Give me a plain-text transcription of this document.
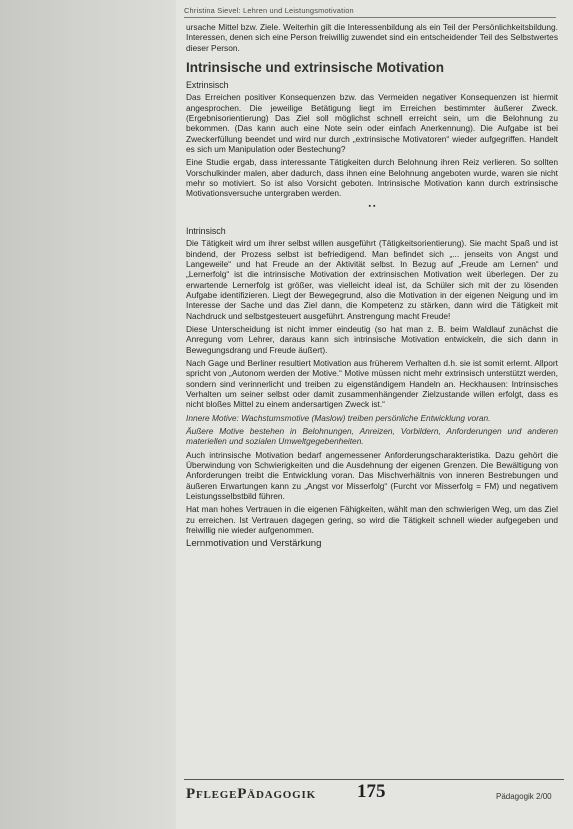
Christina Sievel: Lehren und Leistungsmotivation

ursache Mittel bzw. Ziele. Weiterhin gilt die Interessenbildung als ein Teil der Persönlichkeitsbildung. Interessen, denen sich eine Person freiwillig zuwendet sind ein entscheidender Teil des Selbstwertes dieser Person.

Intrinsische und extrinsische Motivation
Extrinsisch

Das Erreichen positiver Konsequenzen bzw. das Vermeiden negativer Konsequenzen ist hiermit angesprochen. Die jeweilige Betätigung liegt im Erreichen bestimmter äußerer Zweck. (Ergebnisorientierung) Das Ziel soll möglichst schnell erreicht sein, um die Belohnung zu bekommen. (Das kann auch eine Note sein oder einfach Anerkennung). Die Aufgabe ist bei Zweckerfüllung beendet und wird nur durch „extrinsische Motivatoren“ wieder aufgegriffen. Handelt es sich um Manipulation oder Bestechung?

Eine Studie ergab, dass interessante Tätigkeiten durch Belohnung ihren Reiz verlieren. So sollten Vorschulkinder malen, aber dadurch, dass ihnen eine Belohnung angeboten wurde, waren sie nicht mehr so motiviert. So ist also Vorsicht geboten. Intrinsische Motivation kann durch extrinsische Motivationsversuche untergraben werden.

▪ ▪
Intrinsisch

Die Tätigkeit wird um ihrer selbst willen ausgeführt (Tätigkeitsorientierung). Sie macht Spaß und ist bindend, der Prozess selbst ist befriedigend. Man befindet sich „... jenseits von Angst und Langeweile“ und hat Freude an der Aktivität selbst. In Bezug auf „Freude am Lernen“ und „Lernerfolg“ ist die intrinsische Motivation der extrinsischen Motivation weit überlegen. Der zu erwartende Lernerfolg ist größer, was vielleicht ideal ist, da Schüler sich mit der zu lösenden Aufgabe identifizieren. Liegt der Bewegegrund, also die Motivation in der eigenen Neigung und im Interesse der Sache und das Ziel dann, die Kompetenz zu stärken, dann wird die Tätigkeit mit Nachdruck und selbstgesteuert ausgeführt. Anstrengung macht Freude!

Diese Unterscheidung ist nicht immer eindeutig (so hat man z. B. beim Waldlauf zunächst die Anregung vom Lehrer, daraus kann sich intrinsische Motivation entwickeln, die sich dann in Bewegungsdrang und Freude äußert).

Nach Gage und Berliner resultiert Motivation aus früherem Verhalten d.h. sie ist somit erlernt. Allport spricht von „Autonom werden der Motive.“ Motive müssen nicht mehr extrinsisch unterstützt werden, sondern sind verinnerlicht und treiben zu eigenständigem Handeln an. Heckhausen: Intrinsisches Verhalten um seiner selbst oder damit zusammenhängender Zielzustande willen erfolgt, dass es nicht bloßes Mittel zu einem andersartigen Zweck ist.“

Innere Motive: Wachstumsmotive (Maslow) treiben persönliche Entwicklung voran.

Äußere Motive bestehen in Belohnungen, Anreizen, Vorbildern, Anforderungen und anderen materiellen und sozialen Umweltgegebenheiten.

Auch intrinsische Motivation bedarf angemessener Anforderungscharakteristika. Dazu gehört die Überwindung von Schwierigkeiten und die Ausdehnung der eigenen Grenzen. Die Bewältigung von Anforderungen treibt die Entwicklung voran. Das Mischverhältnis von inneren Bestrebungen und äußeren Erwartungen kann zu „Angst vor Misserfolg“ (Furcht vor Misserfolg = FM) und negativem Leistungsselbstbild führen.

Hat man hohes Vertrauen in die eigenen Fähigkeiten, wählt man den schwierigen Weg, um das Ziel zu erreichen. Ist Vertrauen dagegen gering, so wird die Tätigkeit schnell wieder aufgegeben und freiwillig nie wieder aufgenommen.

Lernmotivation und Verstärkung
PflegePädagogik 175	Pädagogik 2/00
